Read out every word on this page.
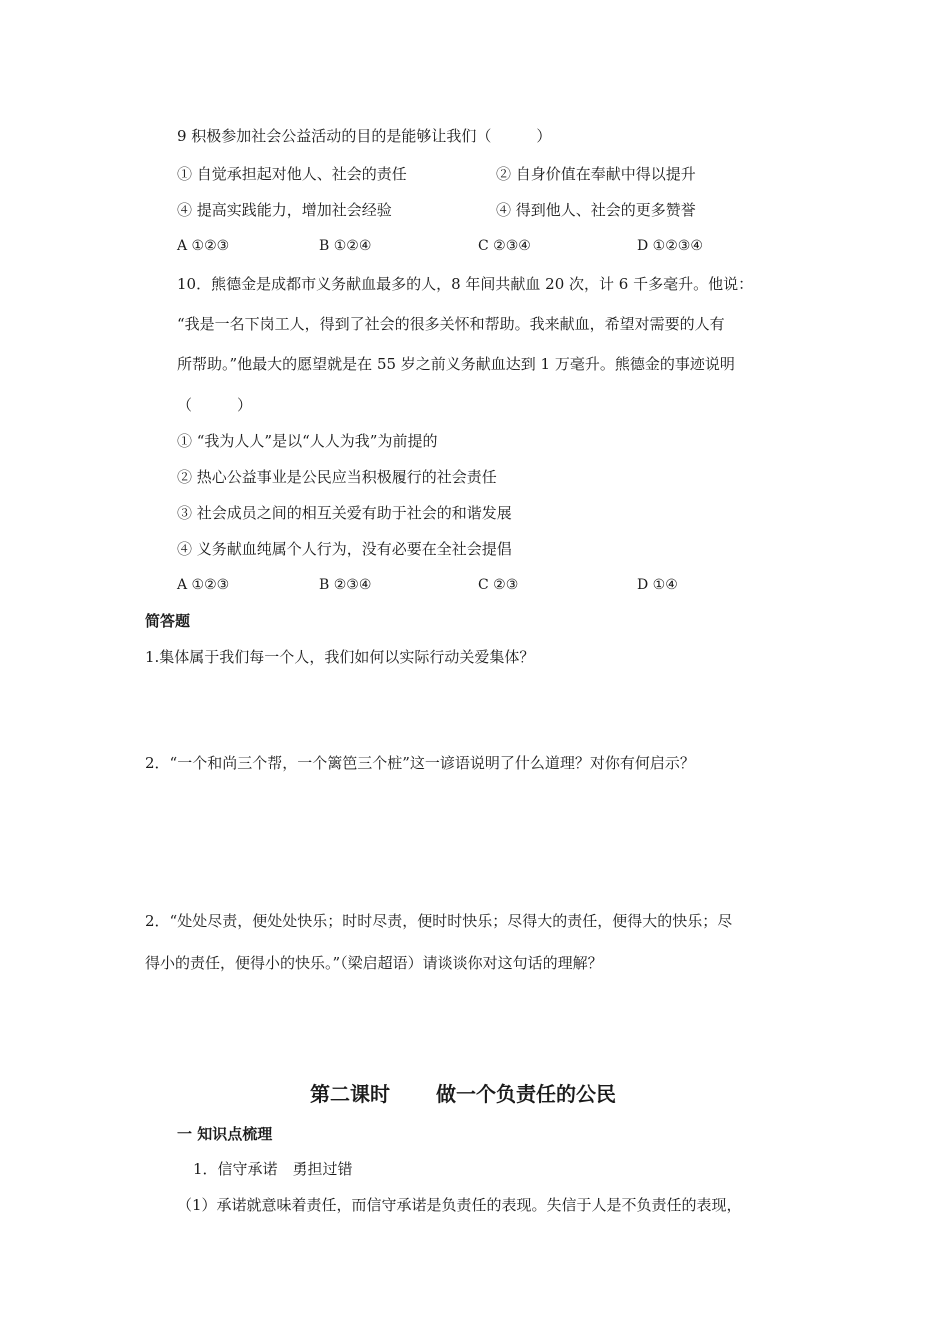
9 积极参加社会公益活动的目的是能够让我们（　　　）
① 自觉承担起对他人、社会的责任	② 自身价值在奉献中得以提升
④ 提高实践能力，增加社会经验	④ 得到他人、社会的更多赞誉
A ①②③	B ①②④	C ②③④	D ①②③④
10．熊德金是成都市义务献血最多的人，8 年间共献血 20 次，计 6 千多毫升。他说：
“我是一名下岗工人，得到了社会的很多关怀和帮助。我来献血，希望对需要的人有
所帮助。”他最大的愿望就是在 55 岁之前义务献血达到 1 万毫升。熊德金的事迹说明
（　　　）
① “我为人人”是以“人人为我”为前提的
② 热心公益事业是公民应当积极履行的社会责任
③ 社会成员之间的相互关爱有助于社会的和谐发展
④ 义务献血纯属个人行为，没有必要在全社会提倡
A ①②③	B ②③④	C ②③	D ①④
简答题
1.集体属于我们每一个人，我们如何以实际行动关爱集体？
2．“一个和尚三个帮，一个篱笆三个桩”这一谚语说明了什么道理？对你有何启示？
2．“处处尽责，便处处快乐；时时尽责，便时时快乐；尽得大的责任，便得大的快乐；尽
得小的责任，便得小的快乐。”（梁启超语）请谈谈你对这句话的理解？
第二课时 做一个负责任的公民
一 知识点梳理
1．信守承诺　勇担过错
（1）承诺就意味着责任，而信守承诺是负责任的表现。失信于人是不负责任的表现，
